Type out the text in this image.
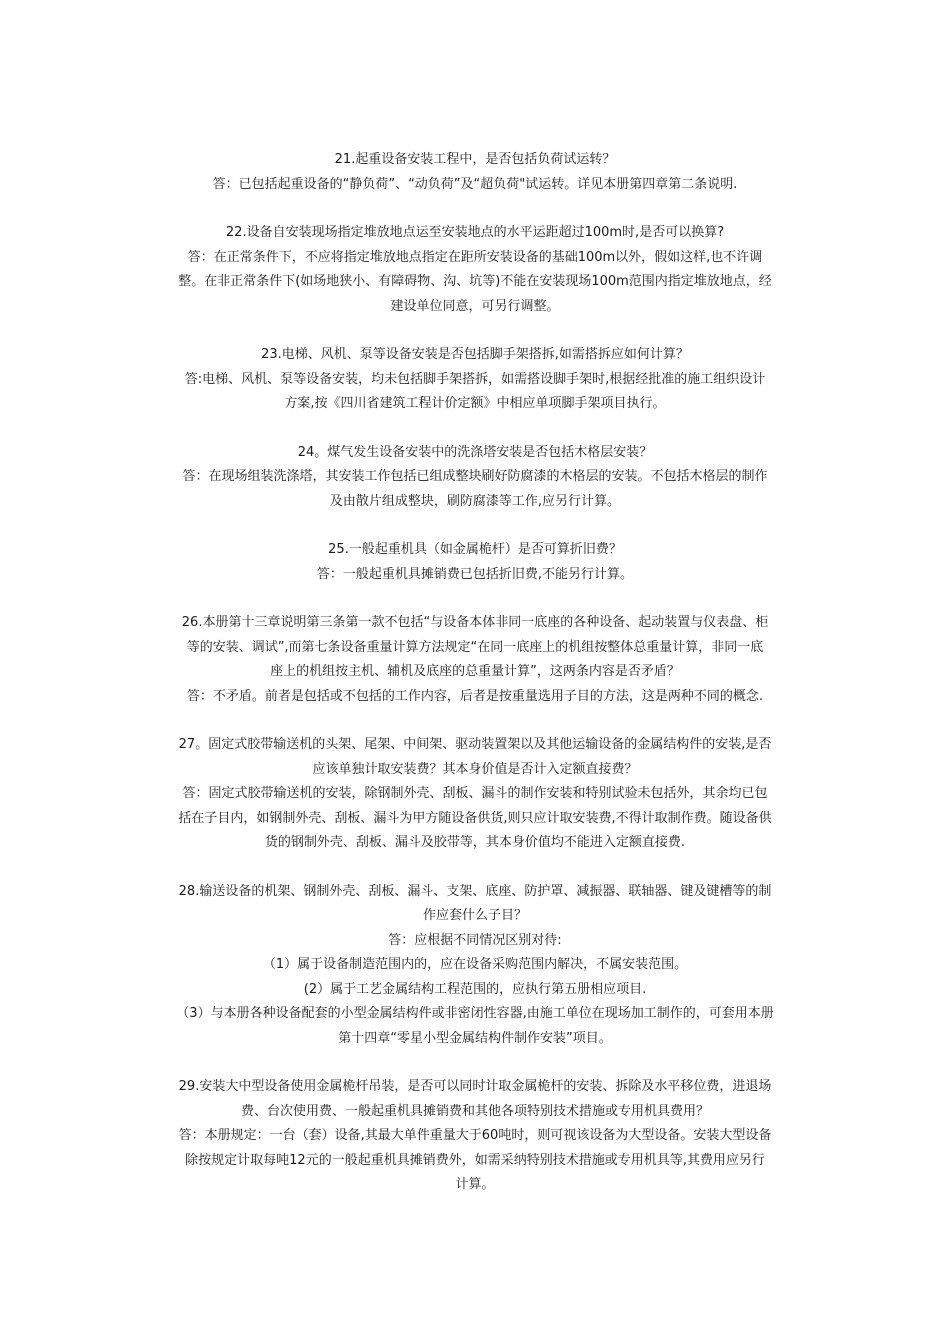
21.起重设备安装工程中，是否包括负荷试运转？

答：已包括起重设备的“静负荷”、“动负荷”及“超负荷"试运转。详见本册第四章第二条说明.

22.设备自安装现场指定堆放地点运至安装地点的水平运距超过100m时,是否可以换算?

答：在正常条件下，不应将指定堆放地点指定在距所安装设备的基础100m以外，假如这样,也不许调

整。在非正常条件下(如场地狭小、有障碍物、沟、坑等)不能在安装现场100m范围内指定堆放地点，经

建设单位同意，可另行调整。

23.电梯、风机、泵等设备安装是否包括脚手架搭拆,如需搭拆应如何计算？

答:电梯、风机、泵等设备安装，均未包括脚手架搭拆，如需搭设脚手架时,根据经批准的施工组织设计

方案,按《四川省建筑工程计价定额》中相应单项脚手架项目执行。

24。煤气发生设备安装中的洗涤塔安装是否包括木格层安装？

答：在现场组装洗涤塔，其安装工作包括已组成整块刷好防腐漆的木格层的安装。不包括木格层的制作

及由散片组成整块，刷防腐漆等工作,应另行计算。

25.一般起重机具（如金属桅杆）是否可算折旧费？

答：一般起重机具摊销费已包括折旧费,不能另行计算。

26.本册第十三章说明第三条第一款不包括“与设备本体非同一底座的各种设备、起动装置与仪表盘、柜

等的安装、调试”,而第七条设备重量计算方法规定“在同一底座上的机组按整体总重量计算，非同一底

座上的机组按主机、辅机及底座的总重量计算”，这两条内容是否矛盾？

答：不矛盾。前者是包括或不包括的工作内容，后者是按重量选用子目的方法，这是两种不同的概念.

27。固定式胶带输送机的头架、尾架、中间架、驱动装置架以及其他运输设备的金属结构件的安装,是否

应该单独计取安装费？其本身价值是否计入定额直接费？

答：固定式胶带输送机的安装，除钢制外壳、刮板、漏斗的制作安装和特别试验未包括外，其余均已包

括在子目内，如钢制外壳、刮板、漏斗为甲方随设备供货,则只应计取安装费,不得计取制作费。随设备供

货的钢制外壳、刮板、漏斗及胶带等，其本身价值均不能进入定额直接费.

28.输送设备的机架、钢制外壳、刮板、漏斗、支架、底座、防护罩、减振器、联轴器、键及键槽等的制

作应套什么子目？

答：应根据不同情况区别对待:

（1）属于设备制造范围内的，应在设备采购范围内解决，不属安装范围。

(2）属于工艺金属结构工程范围的，应执行第五册相应项目.

（3）与本册各种设备配套的小型金属结构件或非密闭性容器,由施工单位在现场加工制作的，可套用本册

第十四章“零星小型金属结构件制作安装”项目。

29.安装大中型设备使用金属桅杆吊装，是否可以同时计取金属桅杆的安装、拆除及水平移位费，进退场

费、台次使用费、一般起重机具摊销费和其他各项特别技术措施或专用机具费用？

答：本册规定：一台（套）设备,其最大单件重量大于60吨时，则可视该设备为大型设备。安装大型设备

除按规定计取每吨12元的一般起重机具摊销费外，如需采纳特别技术措施或专用机具等,其费用应另行

计算。
